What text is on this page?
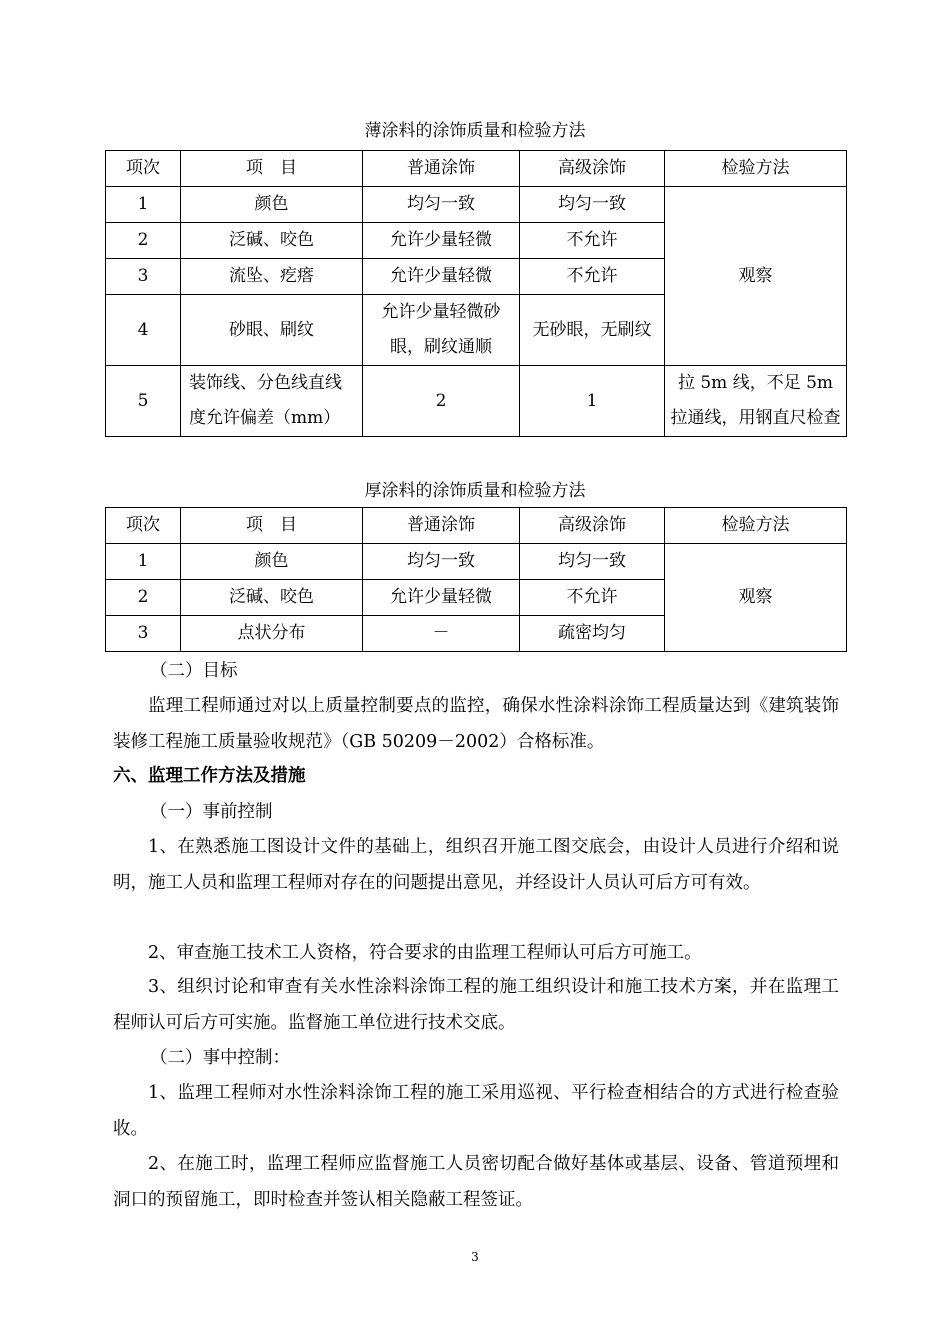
薄涂料的涂饰质量和检验方法
项次	项　目	普通涂饰	高级涂饰	检验方法
1	颜色	均匀一致	均匀一致	观察
2	泛碱、咬色	允许少量轻微	不允许	
3	流坠、疙瘩	允许少量轻微	不允许	
4	砂眼、刷纹	允许少量轻微砂眼，刷纹通顺	无砂眼，无刷纹	
5	装饰线、分色线直线度允许偏差（mm）	2	1	拉 5m 线，不足 5m 拉通线，用钢直尺检查
厚涂料的涂饰质量和检验方法
项次	项　目	普通涂饰	高级涂饰	检验方法
1	颜色	均匀一致	均匀一致	观察
2	泛碱、咬色	允许少量轻微	不允许	
3	点状分布	－	疏密均匀	
（二）目标
监理工程师通过对以上质量控制要点的监控，确保水性涂料涂饰工程质量达到《建筑装饰装修工程施工质量验收规范》（GB 50209－2002）合格标准。
六、监理工作方法及措施
（一）事前控制
1、在熟悉施工图设计文件的基础上，组织召开施工图交底会，由设计人员进行介绍和说明，施工人员和监理工程师对存在的问题提出意见，并经设计人员认可后方可有效。
2、审查施工技术工人资格，符合要求的由监理工程师认可后方可施工。
3、组织讨论和审查有关水性涂料涂饰工程的施工组织设计和施工技术方案，并在监理工程师认可后方可实施。监督施工单位进行技术交底。
（二）事中控制：
1、监理工程师对水性涂料涂饰工程的施工采用巡视、平行检查相结合的方式进行检查验收。
2、在施工时，监理工程师应监督施工人员密切配合做好基体或基层、设备、管道预埋和洞口的预留施工，即时检查并签认相关隐蔽工程签证。
3
